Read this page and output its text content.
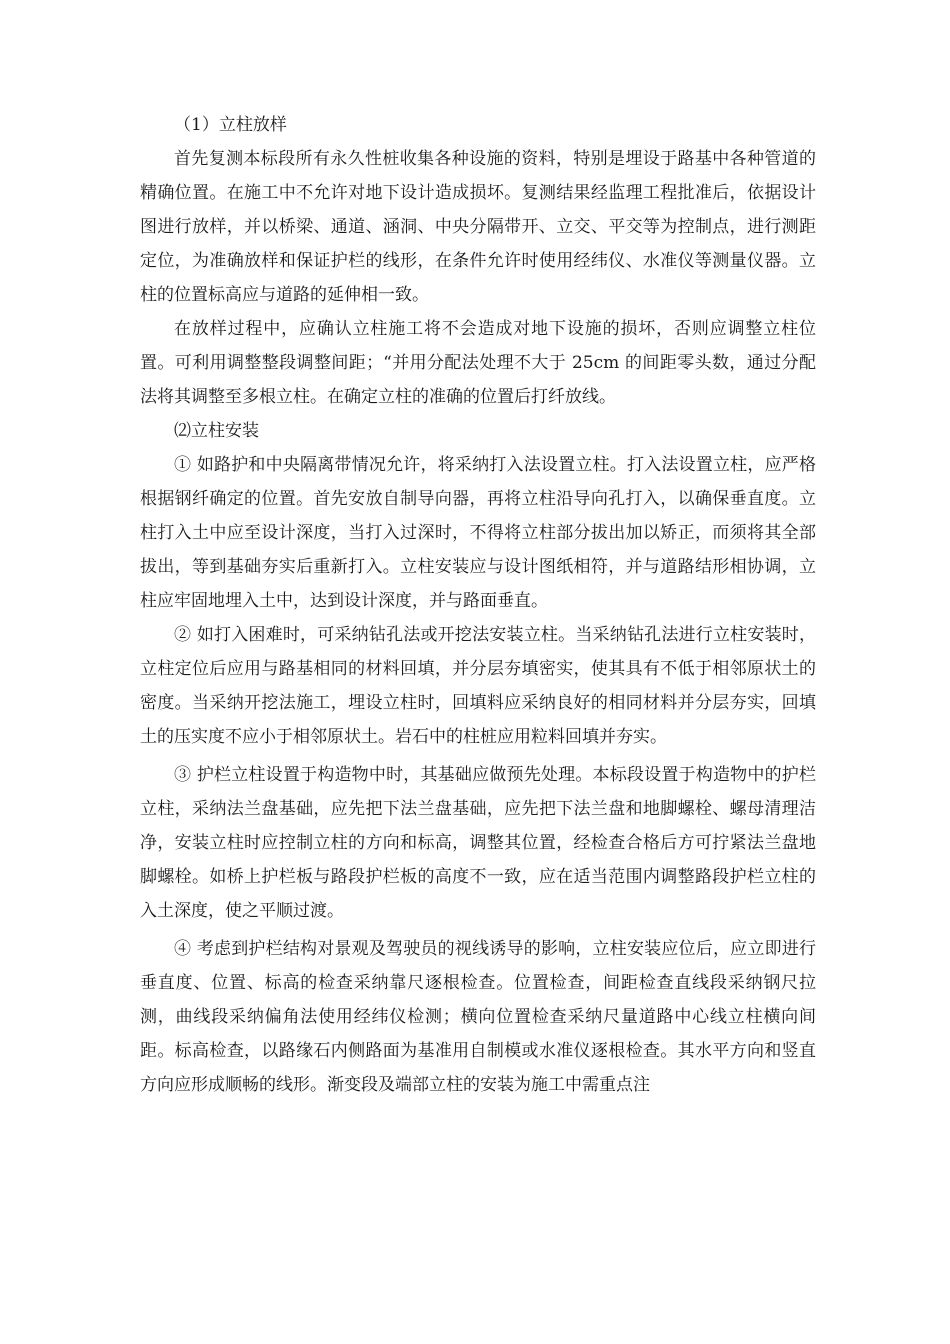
（1）立柱放样

首先复测本标段所有永久性桩收集各种设施的资料，特别是埋设于路基中各种管道的精确位置。在施工中不允许对地下设计造成损坏。复测结果经监理工程批准后，依据设计图进行放样，并以桥梁、通道、涵洞、中央分隔带开、立交、平交等为控制点，进行测距定位，为准确放样和保证护栏的线形，在条件允许时使用经纬仪、水准仪等测量仪器。立柱的位置标高应与道路的延伸相一致。

在放样过程中，应确认立柱施工将不会造成对地下设施的损坏，否则应调整立柱位置。可利用调整整段调整间距；“并用分配法处理不大于 25cm 的间距零头数，通过分配法将其调整至多根立柱。在确定立柱的准确的位置后打纤放线。

⑵立柱安装

① 如路护和中央隔离带情况允许，将采纳打入法设置立柱。打入法设置立柱，应严格根据钢纤确定的位置。首先安放自制导向器，再将立柱沿导向孔打入，以确保垂直度。立柱打入土中应至设计深度，当打入过深时，不得将立柱部分拔出加以矫正，而须将其全部拔出，等到基础夯实后重新打入。立柱安装应与设计图纸相符，并与道路结形相协调，立柱应牢固地埋入土中，达到设计深度，并与路面垂直。

② 如打入困难时，可采纳钻孔法或开挖法安装立柱。当采纳钻孔法进行立柱安装时，立柱定位后应用与路基相同的材料回填，并分层夯填密实，使其具有不低于相邻原状土的密度。当采纳开挖法施工，埋设立柱时，回填料应采纳良好的相同材料并分层夯实，回填土的压实度不应小于相邻原状土。岩石中的柱桩应用粒料回填并夯实。

③ 护栏立柱设置于构造物中时，其基础应做预先处理。本标段设置于构造物中的护栏立柱，采纳法兰盘基础，应先把下法兰盘基础，应先把下法兰盘和地脚螺栓、螺母清理洁净，安装立柱时应控制立柱的方向和标高，调整其位置，经检查合格后方可拧紧法兰盘地脚螺栓。如桥上护栏板与路段护栏板的高度不一致，应在适当范围内调整路段护栏立柱的入土深度，使之平顺过渡。

④ 考虑到护栏结构对景观及驾驶员的视线诱导的影响，立柱安装应位后，应立即进行垂直度、位置、标高的检查采纳靠尺逐根检查。位置检查，间距检查直线段采纳钢尺拉测，曲线段采纳偏角法使用经纬仪检测；横向位置检查采纳尺量道路中心线立柱横向间距。标高检查，以路缘石内侧路面为基准用自制模或水准仪逐根检查。其水平方向和竖直方向应形成顺畅的线形。渐变段及端部立柱的安装为施工中需重点注
